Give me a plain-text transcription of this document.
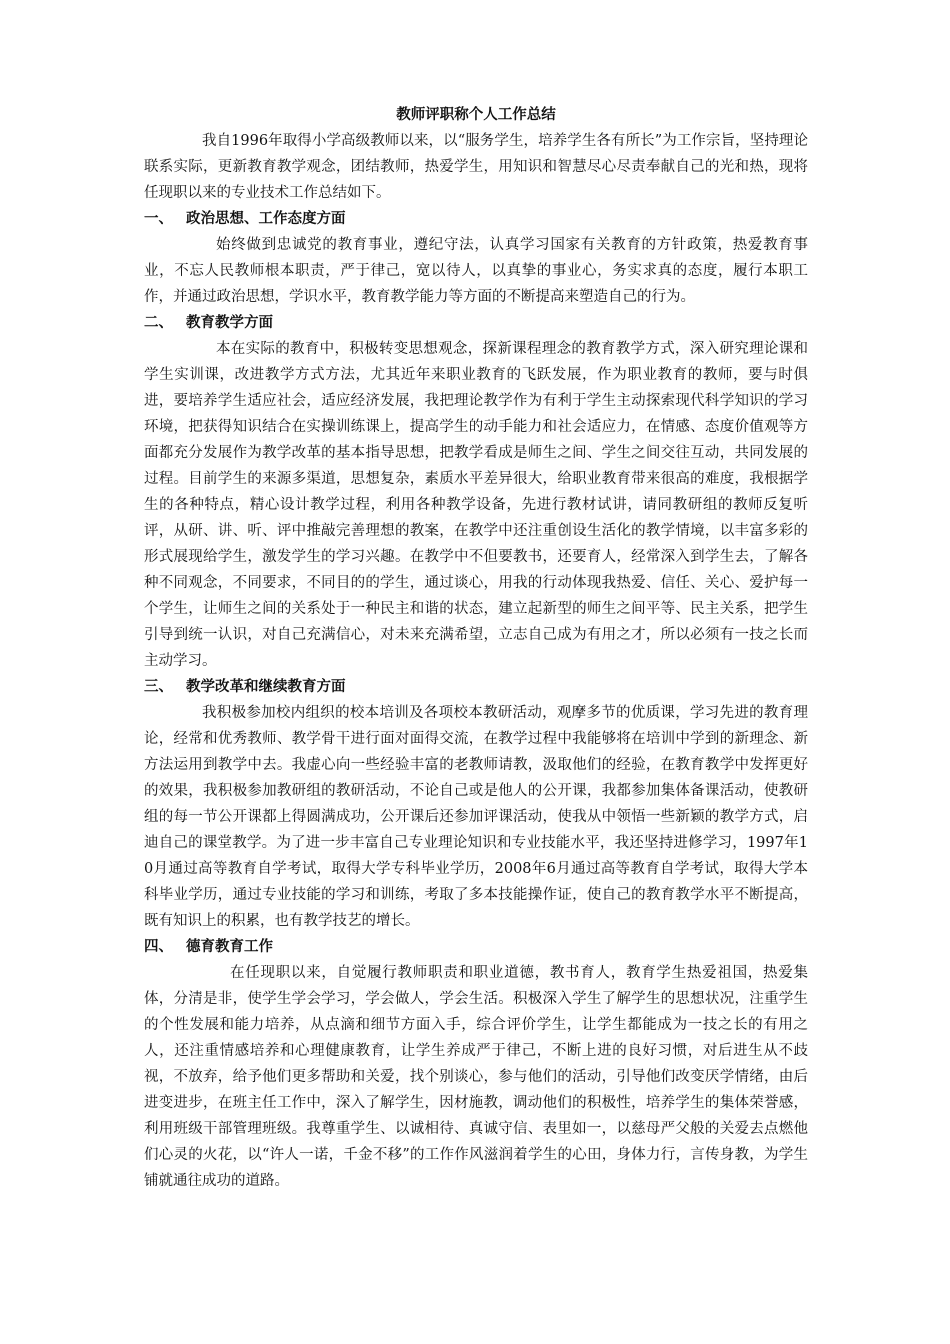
教师评职称个人工作总结

我自1996年取得小学高级教师以来，以“服务学生，培养学生各有所长”为工作宗旨，坚持理论联系实际，更新教育教学观念，团结教师，热爱学生，用知识和智慧尽心尽责奉献自己的光和热，现将任现职以来的专业技术工作总结如下。

一、 政治思想、工作态度方面

始终做到忠诚党的教育事业，遵纪守法，认真学习国家有关教育的方针政策，热爱教育事业，不忘人民教师根本职责，严于律己，宽以待人，以真挚的事业心，务实求真的态度，履行本职工作，并通过政治思想，学识水平，教育教学能力等方面的不断提高来塑造自己的行为。

二、 教育教学方面

本在实际的教育中，积极转变思想观念，探新课程理念的教育教学方式，深入研究理论课和学生实训课，改进教学方式方法，尤其近年来职业教育的飞跃发展，作为职业教育的教师，要与时俱进，要培养学生适应社会，适应经济发展，我把理论教学作为有利于学生主动探索现代科学知识的学习环境，把获得知识结合在实操训练课上，提高学生的动手能力和社会适应力，在情感、态度价值观等方面都充分发展作为教学改革的基本指导思想，把教学看成是师生之间、学生之间交往互动，共同发展的过程。目前学生的来源多渠道，思想复杂，素质水平差异很大，给职业教育带来很高的难度，我根据学生的各种特点，精心设计教学过程，利用各种教学设备，先进行教材试讲，请同教研组的教师反复听评，从研、讲、听、评中推敲完善理想的教案，在教学中还注重创设生活化的教学情境，以丰富多彩的形式展现给学生，激发学生的学习兴趣。在教学中不但要教书，还要育人，经常深入到学生去，了解各种不同观念，不同要求，不同目的的学生，通过谈心，用我的行动体现我热爱、信任、关心、爱护每一个学生，让师生之间的关系处于一种民主和谐的状态，建立起新型的师生之间平等、民主关系，把学生引导到统一认识，对自己充满信心，对未来充满希望，立志自己成为有用之才，所以必须有一技之长而主动学习。

三、 教学改革和继续教育方面

我积极参加校内组织的校本培训及各项校本教研活动，观摩多节的优质课，学习先进的教育理论，经常和优秀教师、教学骨干进行面对面得交流，在教学过程中我能够将在培训中学到的新理念、新方法运用到教学中去。我虚心向一些经验丰富的老教师请教，汲取他们的经验，在教育教学中发挥更好的效果，我积极参加教研组的教研活动，不论自己或是他人的公开课，我都参加集体备课活动，使教研组的每一节公开课都上得圆满成功，公开课后还参加评课活动，使我从中领悟一些新颖的教学方式，启迪自己的课堂教学。为了进一步丰富自己专业理论知识和专业技能水平，我还坚持进修学习，1997年10月通过高等教育自学考试，取得大学专科毕业学历，2008年6月通过高等教育自学考试，取得大学本科毕业学历，通过专业技能的学习和训练，考取了多本技能操作证，使自己的教育教学水平不断提高，既有知识上的积累，也有教学技艺的增长。

四、 德育教育工作

在任现职以来，自觉履行教师职责和职业道德，教书育人，教育学生热爱祖国，热爱集体，分清是非，使学生学会学习，学会做人，学会生活。积极深入学生了解学生的思想状况，注重学生的个性发展和能力培养，从点滴和细节方面入手，综合评价学生，让学生都能成为一技之长的有用之人，还注重情感培养和心理健康教育，让学生养成严于律己，不断上进的良好习惯，对后进生从不歧视，不放弃，给予他们更多帮助和关爱，找个别谈心，参与他们的活动，引导他们改变厌学情绪，由后进变进步，在班主任工作中，深入了解学生，因材施教，调动他们的积极性，培养学生的集体荣誉感，利用班级干部管理班级。我尊重学生、以诚相待、真诚守信、表里如一，以慈母严父般的关爱去点燃他们心灵的火花，以“许人一诺，千金不移”的工作作风滋润着学生的心田，身体力行，言传身教，为学生铺就通往成功的道路。
